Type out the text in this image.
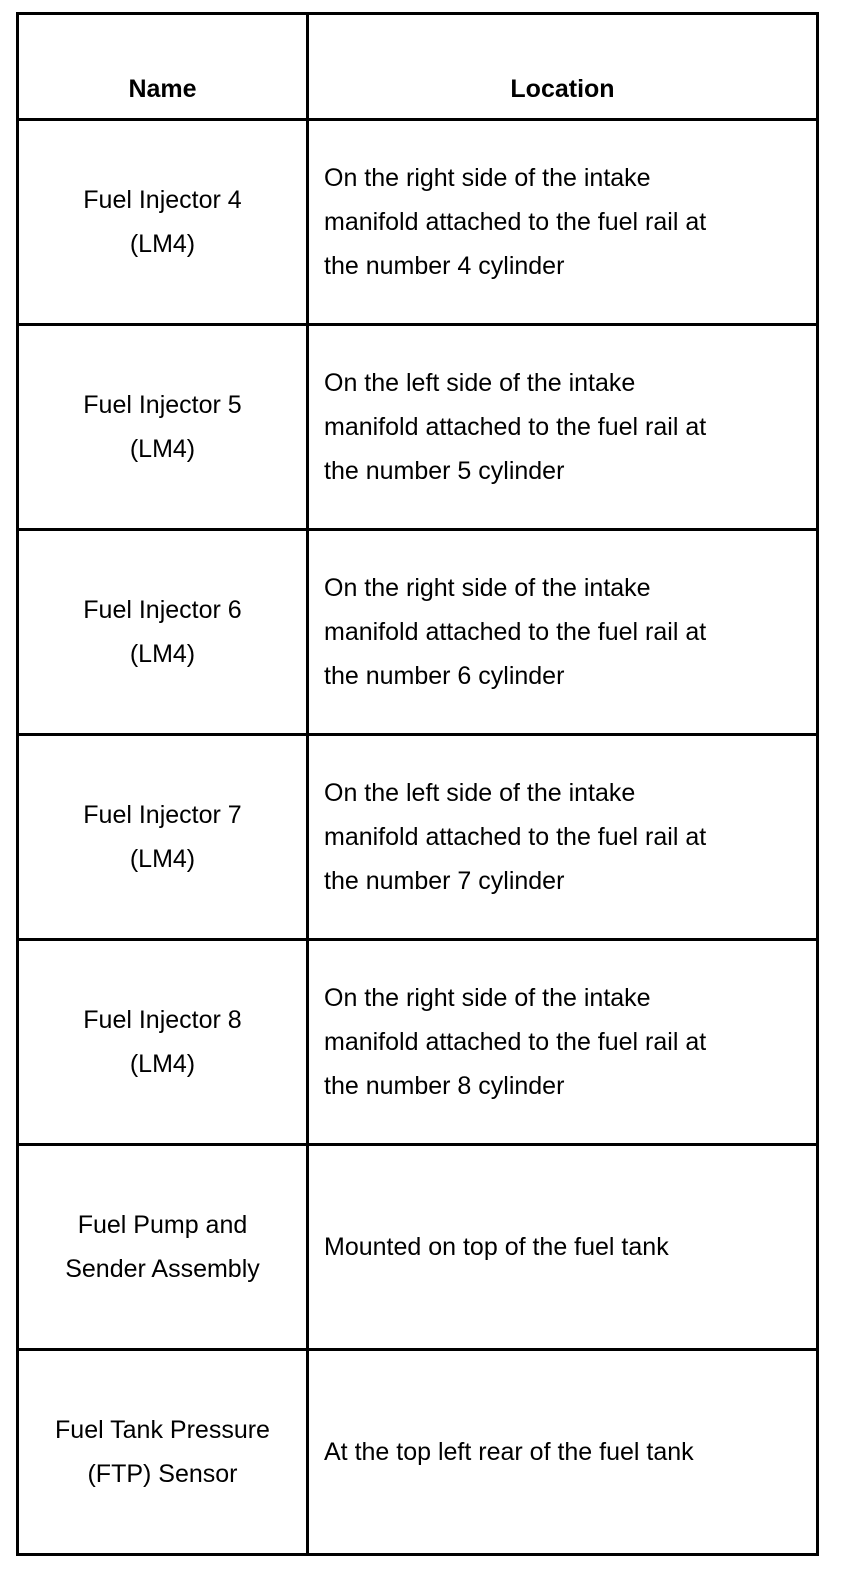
Name	Location

Fuel Injector 4
(LM4)	On the right side of the intake
manifold attached to the fuel rail at
the number 4 cylinder

Fuel Injector 5
(LM4)	On the left side of the intake
manifold attached to the fuel rail at
the number 5 cylinder

Fuel Injector 6
(LM4)	On the right side of the intake
manifold attached to the fuel rail at
the number 6 cylinder

Fuel Injector 7
(LM4)	On the left side of the intake
manifold attached to the fuel rail at
the number 7 cylinder

Fuel Injector 8
(LM4)	On the right side of the intake
manifold attached to the fuel rail at
the number 8 cylinder

Fuel Pump and
Sender Assembly	Mounted on top of the fuel tank

Fuel Tank Pressure
(FTP) Sensor	At the top left rear of the fuel tank
